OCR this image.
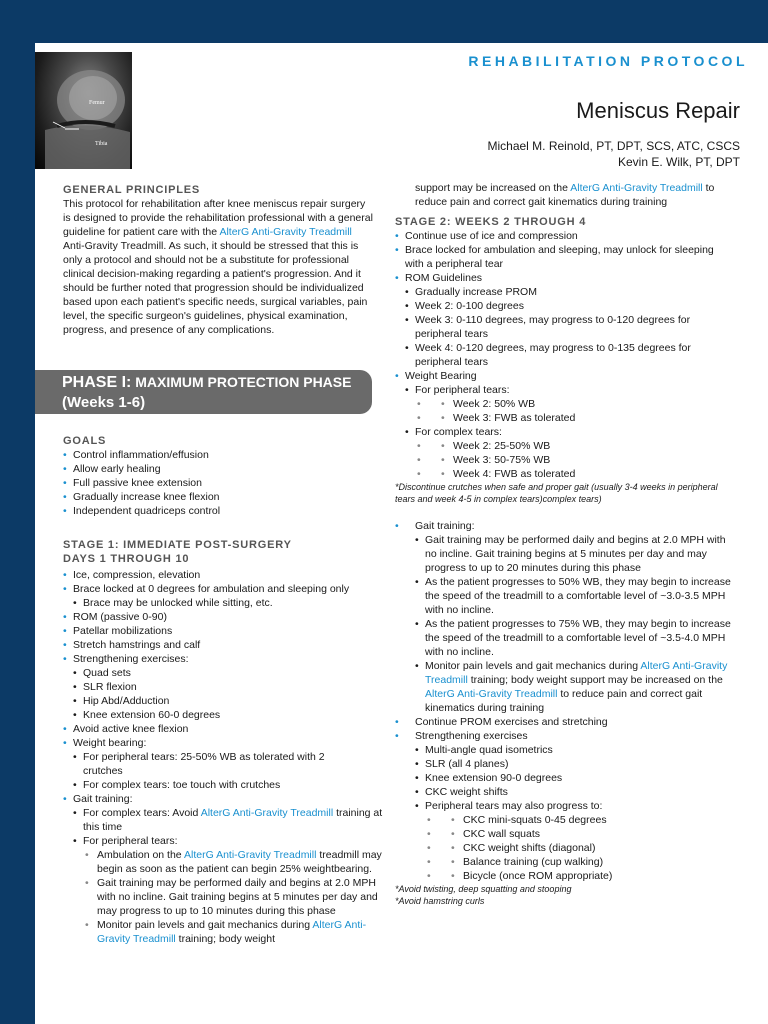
Femur
Tibia
REHABILITATION PROTOCOL
Meniscus Repair
Michael M. Reinold, PT, DPT, SCS, ATC, CSCS
Kevin E. Wilk, PT, DPT

GENERAL PRINCIPLES

This protocol for rehabilitation after knee meniscus repair surgery is designed to provide the rehabilitation professional with a general guideline for patient care with the AlterG Anti-Gravity Treadmill Anti-Gravity Treadmill. As such, it should be stressed that this is only a protocol and should not be a substitute for professional clinical decision-making regarding a patient's progression. And it should be further noted that progression should be individualized based upon each patient's specific needs, surgical variables, pain level, the specific surgeon's guidelines, physical examination, progress, and presence of any complications.

PHASE I: MAXIMUM PROTECTION PHASE
(Weeks 1-6)

GOALS

• Control inflammation/effusion
• Allow early healing
• Full passive knee extension
• Gradually increase knee flexion
• Independent quadriceps control

STAGE 1: IMMEDIATE POST-SURGERY

DAYS 1 THROUGH 10

• Ice, compression, elevation
• Brace locked at 0 degrees for ambulation and sleeping only
• Brace may be unlocked while sitting, etc.
• ROM (passive 0-90)
• Patellar mobilizations
• Stretch hamstrings and calf
• Strengthening exercises:
• Quad sets
• SLR flexion
• Hip Abd/Adduction
• Knee extension 60-0 degrees
• Avoid active knee flexion
• Weight bearing:
• For peripheral tears: 25-50% WB as tolerated with 2 crutches
• For complex tears: toe touch with crutches
• Gait training:
• For complex tears: Avoid AlterG Anti-Gravity Treadmill training at this time
• For peripheral tears:
• Ambulation on the AlterG Anti-Gravity Treadmill treadmill may begin as soon as the patient can begin 25% weightbearing.
• Gait training may be performed daily and begins at 2.0 MPH with no incline. Gait training begins at 5 minutes per day and may progress to up to 10 minutes during this phase
• Monitor pain levels and gait mechanics during AlterG Anti-Gravity Treadmill training; body weight
support may be increased on the AlterG Anti-Gravity Treadmill to reduce pain and correct gait kinematics during training

STAGE 2: WEEKS 2 THROUGH 4

• Continue use of ice and compression
• Brace locked for ambulation and sleeping, may unlock for sleeping with a peripheral tear
• ROM Guidelines
• Gradually increase PROM
• Week 2: 0-100 degrees
• Week 3: 0-110 degrees, may progress to 0-120 degrees for peripheral tears
• Week 4: 0-120 degrees, may progress to 0-135 degrees for peripheral tears
• Weight Bearing
• For peripheral tears:
• • Week 2: 50% WB
• • Week 3: FWB as tolerated
• For complex tears:
• • Week 2: 25-50% WB
• • Week 3: 50-75% WB
• • Week 4: FWB as tolerated
*Discontinue crutches when safe and proper gait (usually 3-4 weeks in peripheral tears and week 4-5 in complex tears)complex tears)
• Gait training:
• Gait training may be performed daily and begins at 2.0 MPH with no incline. Gait training begins at 5 minutes per day and may progress to up to 20 minutes during this phase
• As the patient progresses to 50% WB, they may begin to increase the speed of the treadmill to a comfortable level of ~3.0-3.5 MPH with no incline.
• As the patient progresses to 75% WB, they may begin to increase the speed of the treadmill to a comfortable level of ~3.5-4.0 MPH with no incline.
• Monitor pain levels and gait mechanics during AlterG Anti-Gravity Treadmill training; body weight support may be increased on the AlterG Anti-Gravity Treadmill to reduce pain and correct gait kinematics during training
• Continue PROM exercises and stretching
• Strengthening exercises
• Multi-angle quad isometrics
• SLR (all 4 planes)
• Knee extension 90-0 degrees
• CKC weight shifts
• Peripheral tears may also progress to:
• • CKC mini-squats 0-45 degrees
• • CKC wall squats
• • CKC weight shifts (diagonal)
• • Balance training (cup walking)
• • Bicycle (once ROM appropriate)
*Avoid twisting, deep squatting and stooping
*Avoid hamstring curls
